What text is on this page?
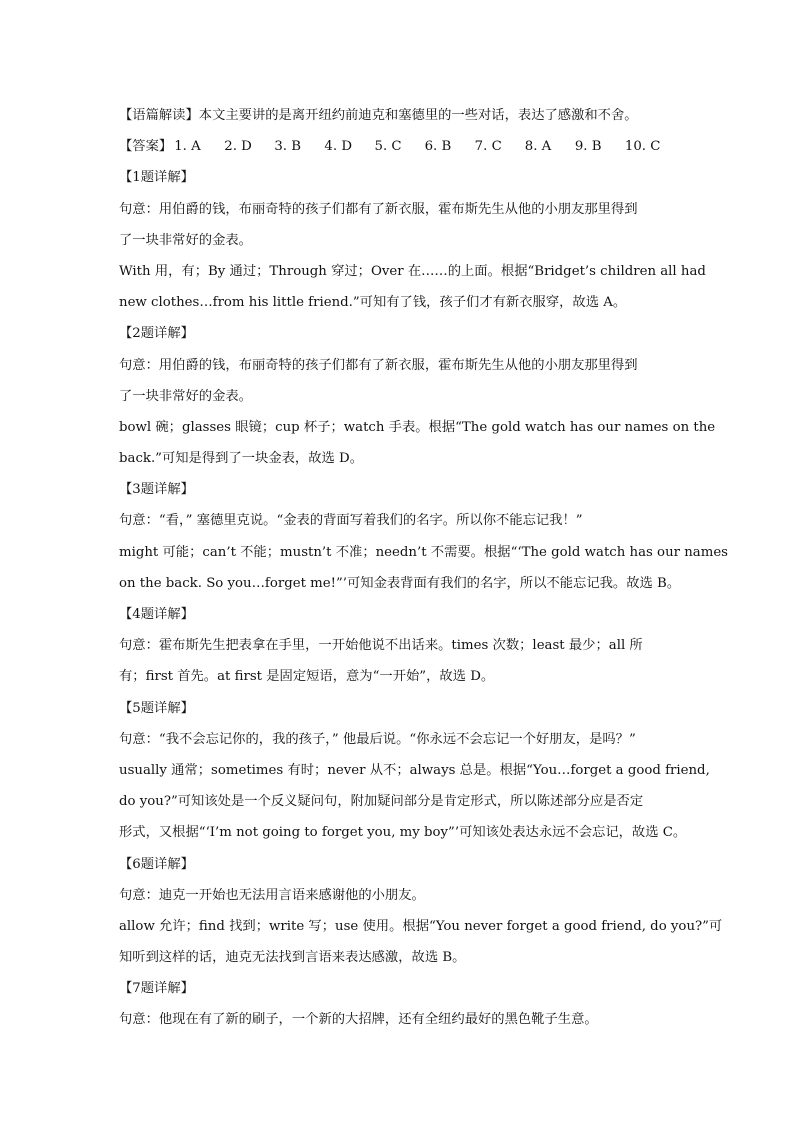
【语篇解读】本文主要讲的是离开纽约前迪克和塞德里的一些对话，表达了感激和不舍。
【答案】 1. A	2. D	3. B	4. D	5. C	6. B	7. C	8. A	9. B	10. C
【1题详解】
句意：用伯爵的钱，布丽奇特的孩子们都有了新衣服，霍布斯先生从他的小朋友那里得到
了一块非常好的金表。
With 用，有；By 通过；Through 穿过；Over 在……的上面。根据“Bridget’s children all had
new clothes…from his little friend.”可知有了钱，孩子们才有新衣服穿，故选 A。
【2题详解】
句意：用伯爵的钱，布丽奇特的孩子们都有了新衣服，霍布斯先生从他的小朋友那里得到
了一块非常好的金表。
bowl 碗；glasses 眼镜；cup 杯子；watch 手表。根据“The gold watch has our names on the
back.”可知是得到了一块金表，故选 D。
【3题详解】
句意：“看，” 塞德里克说。“金表的背面写着我们的名字。所以你不能忘记我！”
might 可能；can’t 不能；mustn’t 不准；needn’t 不需要。根据“‘The gold watch has our names
on the back. So you…forget me!”’可知金表背面有我们的名字，所以不能忘记我。故选 B。
【4题详解】
句意：霍布斯先生把表拿在手里，一开始他说不出话来。times 次数；least 最少；all 所
有；first 首先。at first 是固定短语，意为“一开始”，故选 D。
【5题详解】
句意：“我不会忘记你的，我的孩子，” 他最后说。“你永远不会忘记一个好朋友，是吗？”
usually 通常；sometimes 有时；never 从不；always 总是。根据“You…forget a good friend,
do you?”可知该处是一个反义疑问句，附加疑问部分是肯定形式，所以陈述部分应是否定
形式，又根据“‘I’m not going to forget you, my boy”’可知该处表达永远不会忘记，故选 C。
【6题详解】
句意：迪克一开始也无法用言语来感谢他的小朋友。
allow 允许；find 找到；write 写；use 使用。根据“You never forget a good friend, do you?”可
知听到这样的话，迪克无法找到言语来表达感激，故选 B。
【7题详解】
句意：他现在有了新的刷子，一个新的大招牌，还有全纽约最好的黑色靴子生意。
